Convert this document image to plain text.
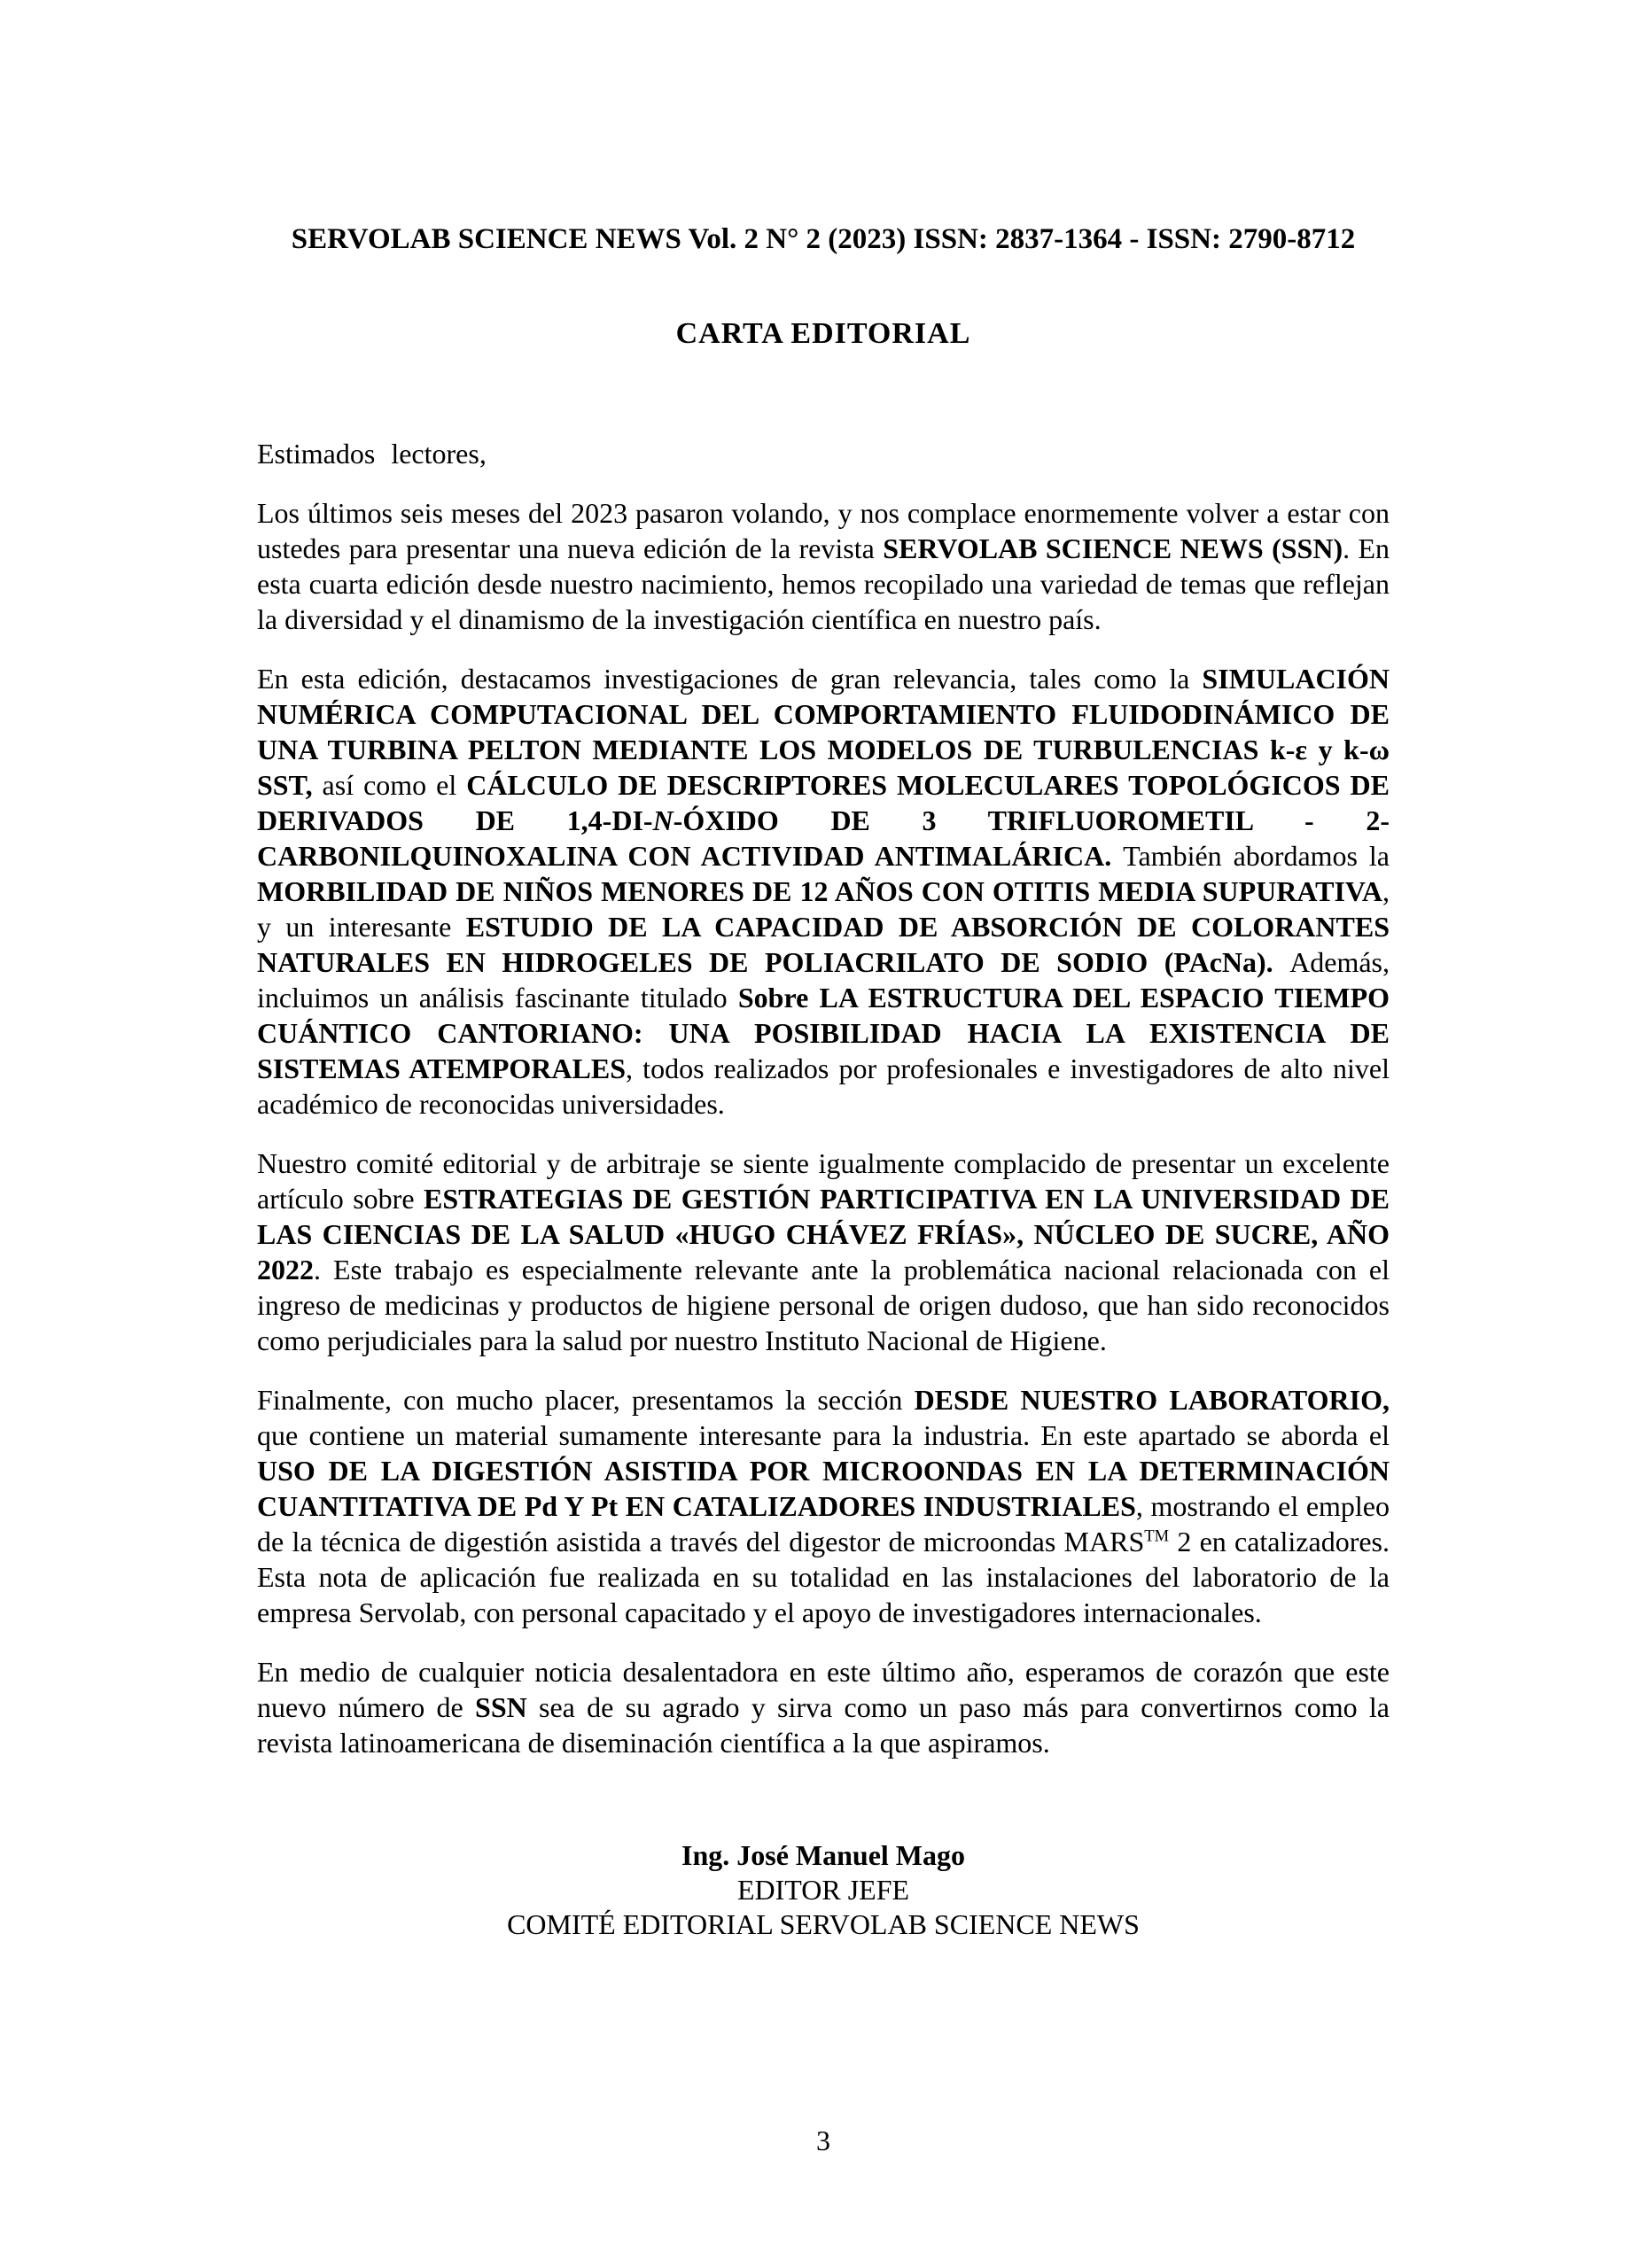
SERVOLAB SCIENCE NEWS Vol. 2 N° 2 (2023) ISSN: 2837-1364 - ISSN: 2790-8712
CARTA EDITORIAL

Estimados lectores,

Los últimos seis meses del 2023 pasaron volando, y nos complace enormemente volver a estar con ustedes para presentar una nueva edición de la revista SERVOLAB SCIENCE NEWS (SSN). En esta cuarta edición desde nuestro nacimiento, hemos recopilado una variedad de temas que reflejan la diversidad y el dinamismo de la investigación científica en nuestro país.

En esta edición, destacamos investigaciones de gran relevancia, tales como la SIMULACIÓN NUMÉRICA COMPUTACIONAL DEL COMPORTAMIENTO FLUIDODINÁMICO DE UNA TURBINA PELTON MEDIANTE LOS MODELOS DE TURBULENCIAS k-ε y k-ω SST, así como el CÁLCULO DE DESCRIPTORES MOLECULARES TOPOLÓGICOS DE DERIVADOS DE 1,4-DI-N-ÓXIDO DE 3 TRIFLUOROMETIL - 2-CARBONILQUINOXALINA CON ACTIVIDAD ANTIMALÁRICA. También abordamos la MORBILIDAD DE NIÑOS MENORES DE 12 AÑOS CON OTITIS MEDIA SUPURATIVA, y un interesante ESTUDIO DE LA CAPACIDAD DE ABSORCIÓN DE COLORANTES NATURALES EN HIDROGELES DE POLIACRILATO DE SODIO (PAcNa). Además, incluimos un análisis fascinante titulado Sobre LA ESTRUCTURA DEL ESPACIO TIEMPO CUÁNTICO CANTORIANO: UNA POSIBILIDAD HACIA LA EXISTENCIA DE SISTEMAS ATEMPORALES, todos realizados por profesionales e investigadores de alto nivel académico de reconocidas universidades.

Nuestro comité editorial y de arbitraje se siente igualmente complacido de presentar un excelente artículo sobre ESTRATEGIAS DE GESTIÓN PARTICIPATIVA EN LA UNIVERSIDAD DE LAS CIENCIAS DE LA SALUD «HUGO CHÁVEZ FRÍAS», NÚCLEO DE SUCRE, AÑO 2022. Este trabajo es especialmente relevante ante la problemática nacional relacionada con el ingreso de medicinas y productos de higiene personal de origen dudoso, que han sido reconocidos como perjudiciales para la salud por nuestro Instituto Nacional de Higiene.

Finalmente, con mucho placer, presentamos la sección DESDE NUESTRO LABORATORIO, que contiene un material sumamente interesante para la industria. En este apartado se aborda el USO DE LA DIGESTIÓN ASISTIDA POR MICROONDAS EN LA DETERMINACIÓN CUANTITATIVA DE Pd Y Pt EN CATALIZADORES INDUSTRIALES, mostrando el empleo de la técnica de digestión asistida a través del digestor de microondas MARS™ 2 en catalizadores. Esta nota de aplicación fue realizada en su totalidad en las instalaciones del laboratorio de la empresa Servolab, con personal capacitado y el apoyo de investigadores internacionales.

En medio de cualquier noticia desalentadora en este último año, esperamos de corazón que este nuevo número de SSN sea de su agrado y sirva como un paso más para convertirnos como la revista latinoamericana de diseminación científica a la que aspiramos.

Ing. José Manuel Mago
EDITOR JEFE
COMITÉ EDITORIAL SERVOLAB SCIENCE NEWS
3
